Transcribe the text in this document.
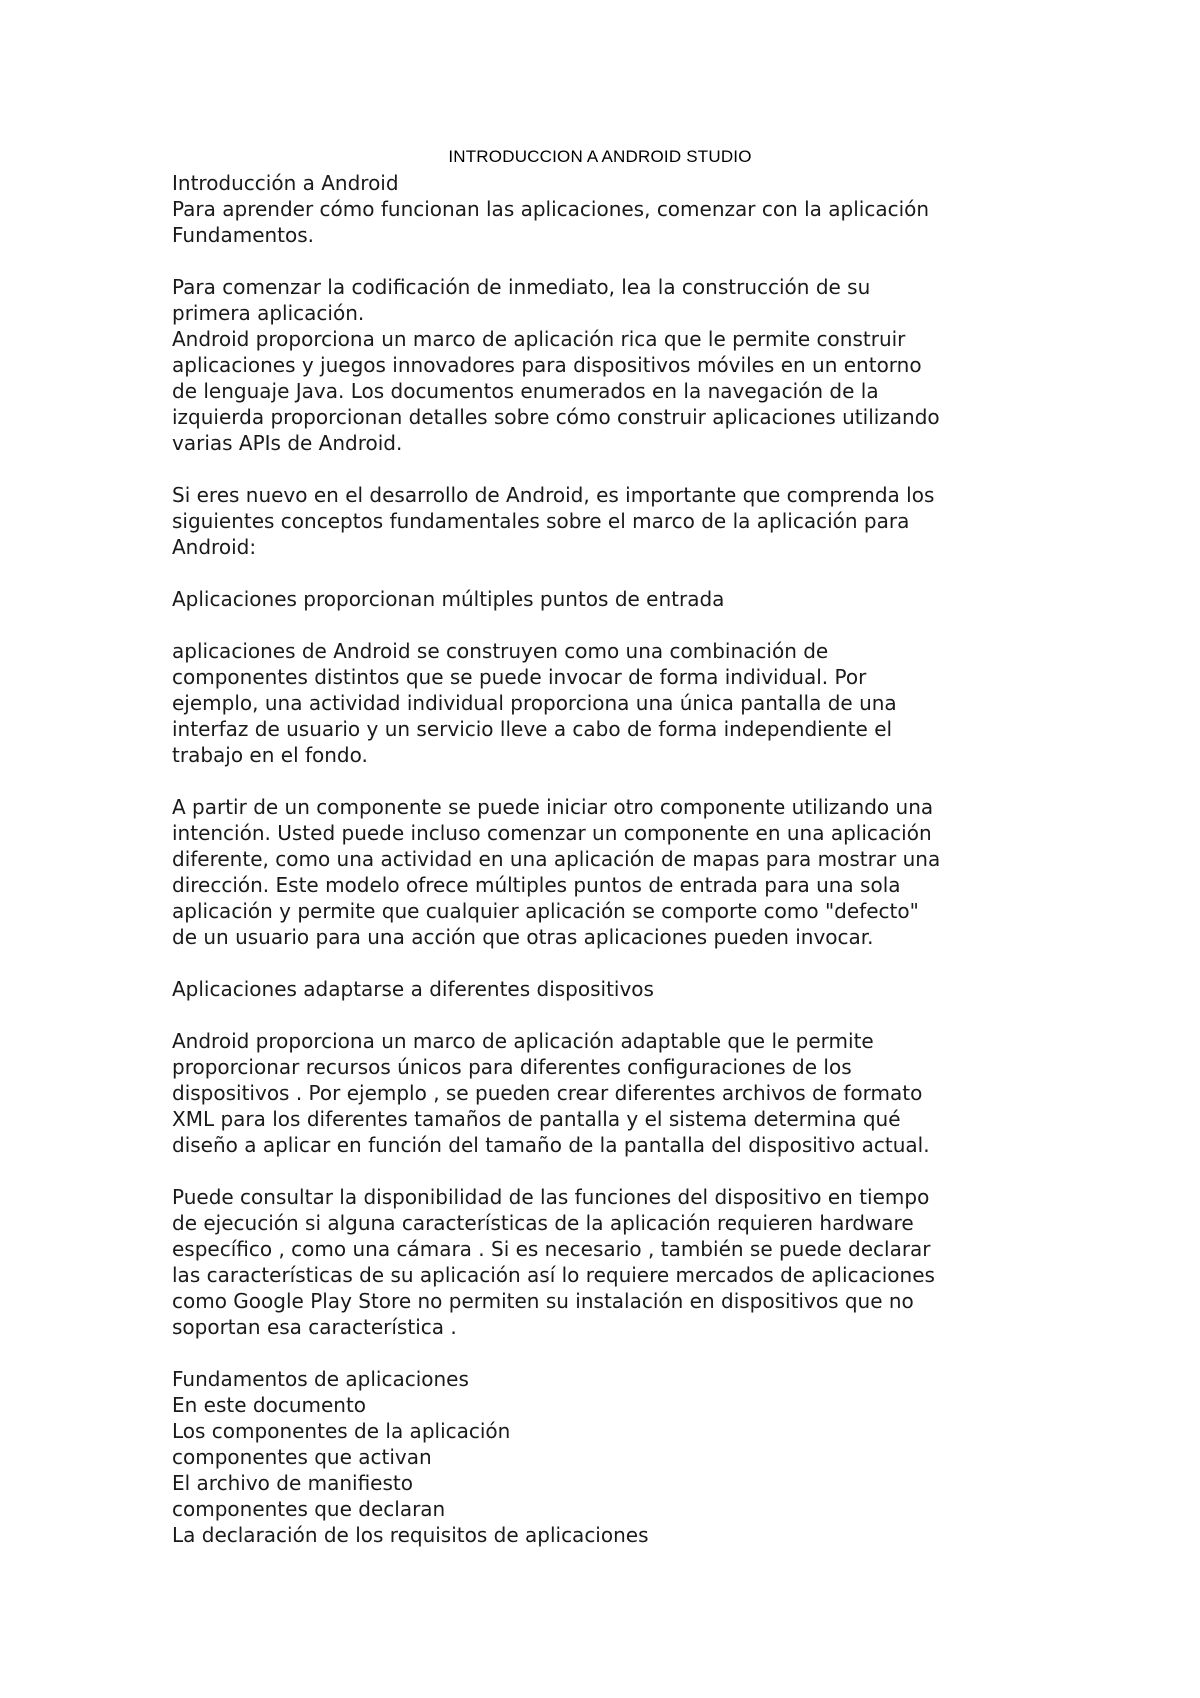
INTRODUCCION A ANDROID STUDIO
Introducción a Android
Para aprender cómo funcionan las aplicaciones, comenzar con la aplicación
Fundamentos.
Para comenzar la codificación de inmediato, lea la construcción de su
primera aplicación.
Android proporciona un marco de aplicación rica que le permite construir
aplicaciones y juegos innovadores para dispositivos móviles en un entorno
de lenguaje Java. Los documentos enumerados en la navegación de la
izquierda proporcionan detalles sobre cómo construir aplicaciones utilizando
varias APIs de Android.
Si eres nuevo en el desarrollo de Android, es importante que comprenda los
siguientes conceptos fundamentales sobre el marco de la aplicación para
Android:
Aplicaciones proporcionan múltiples puntos de entrada
aplicaciones de Android se construyen como una combinación de
componentes distintos que se puede invocar de forma individual. Por
ejemplo, una actividad individual proporciona una única pantalla de una
interfaz de usuario y un servicio lleve a cabo de forma independiente el
trabajo en el fondo.
A partir de un componente se puede iniciar otro componente utilizando una
intención. Usted puede incluso comenzar un componente en una aplicación
diferente, como una actividad en una aplicación de mapas para mostrar una
dirección. Este modelo ofrece múltiples puntos de entrada para una sola
aplicación y permite que cualquier aplicación se comporte como "defecto"
de un usuario para una acción que otras aplicaciones pueden invocar.
Aplicaciones adaptarse a diferentes dispositivos
Android proporciona un marco de aplicación adaptable que le permite
proporcionar recursos únicos para diferentes configuraciones de los
dispositivos . Por ejemplo , se pueden crear diferentes archivos de formato
XML para los diferentes tamaños de pantalla y el sistema determina qué
diseño a aplicar en función del tamaño de la pantalla del dispositivo actual.
Puede consultar la disponibilidad de las funciones del dispositivo en tiempo
de ejecución si alguna características de la aplicación requieren hardware
específico , como una cámara . Si es necesario , también se puede declarar
las características de su aplicación así lo requiere mercados de aplicaciones
como Google Play Store no permiten su instalación en dispositivos que no
soportan esa característica .
Fundamentos de aplicaciones
En este documento
Los componentes de la aplicación
componentes que activan
El archivo de manifiesto
componentes que declaran
La declaración de los requisitos de aplicaciones
